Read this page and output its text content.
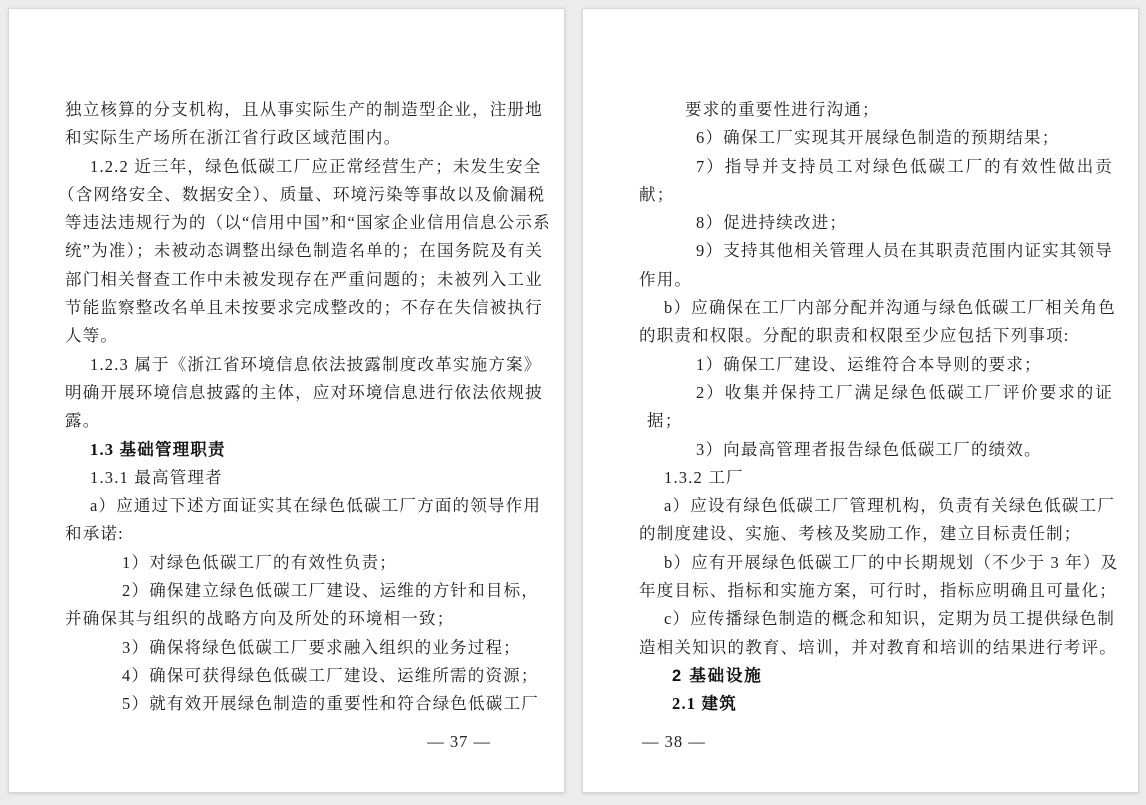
独立核算的分支机构，且从事实际生产的制造型企业，注册地
和实际生产场所在浙江省行政区域范围内。
1.2.2 近三年，绿色低碳工厂应正常经营生产；未发生安全
（含网络安全、数据安全）、质量、环境污染等事故以及偷漏税
等违法违规行为的（以“信用中国”和“国家企业信用信息公示系
统”为准）；未被动态调整出绿色制造名单的；在国务院及有关
部门相关督查工作中未被发现存在严重问题的；未被列入工业
节能监察整改名单且未按要求完成整改的；不存在失信被执行
人等。
1.2.3 属于《浙江省环境信息依法披露制度改革实施方案》
明确开展环境信息披露的主体，应对环境信息进行依法依规披
露。
1.3 基础管理职责
1.3.1 最高管理者
a）应通过下述方面证实其在绿色低碳工厂方面的领导作用
和承诺:
1）对绿色低碳工厂的有效性负责；
2）确保建立绿色低碳工厂建设、运维的方针和目标，
并确保其与组织的战略方向及所处的环境相一致；
3）确保将绿色低碳工厂要求融入组织的业务过程；
4）确保可获得绿色低碳工厂建设、运维所需的资源；
5）就有效开展绿色制造的重要性和符合绿色低碳工厂
— 37 —
要求的重要性进行沟通；
6）确保工厂实现其开展绿色制造的预期结果；
7）指导并支持员工对绿色低碳工厂的有效性做出贡
献；
8）促进持续改进；
9）支持其他相关管理人员在其职责范围内证实其领导
作用。
b）应确保在工厂内部分配并沟通与绿色低碳工厂相关角色
的职责和权限。分配的职责和权限至少应包括下列事项:
1）确保工厂建设、运维符合本导则的要求；
2）收集并保持工厂满足绿色低碳工厂评价要求的证
据；
3）向最高管理者报告绿色低碳工厂的绩效。
1.3.2 工厂
a）应设有绿色低碳工厂管理机构，负责有关绿色低碳工厂
的制度建设、实施、考核及奖励工作，建立目标责任制；
b）应有开展绿色低碳工厂的中长期规划（不少于 3 年）及
年度目标、指标和实施方案，可行时，指标应明确且可量化；
c）应传播绿色制造的概念和知识，定期为员工提供绿色制
造相关知识的教育、培训，并对教育和培训的结果进行考评。
2 基础设施
2.1 建筑
— 38 —
